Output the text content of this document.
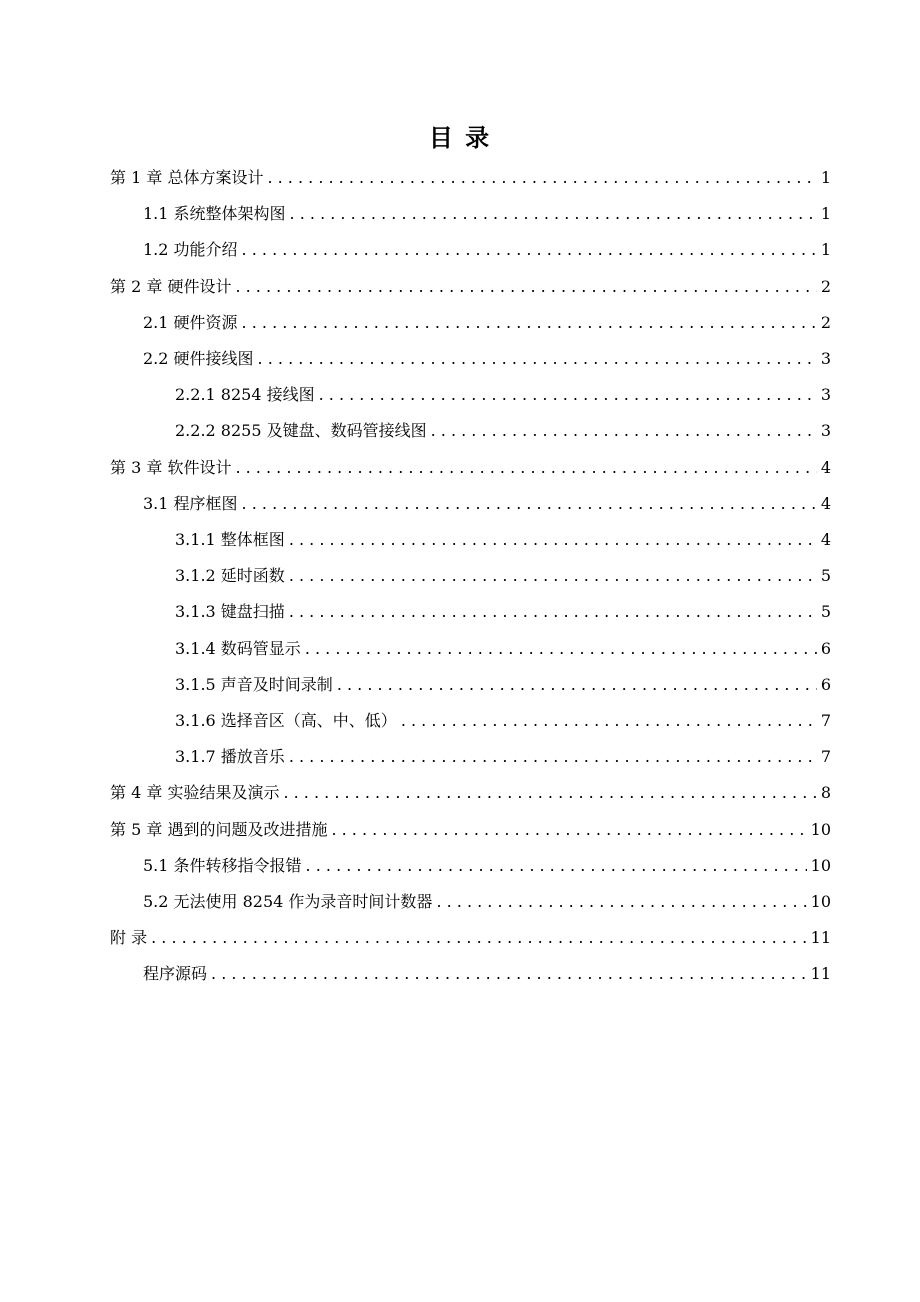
目 录
第 1 章 总体方案设计 . . .	1
1.1 系统整体架构图 . . .	1
1.2 功能介绍 . . .	1
第 2 章 硬件设计 . . .	2
2.1 硬件资源 . . .	2
2.2 硬件接线图 . . .	3
2.2.1 8254 接线图 . . .	3
2.2.2 8255 及键盘、数码管接线图 . . .	3
第 3 章 软件设计 . . .	4
3.1 程序框图 . . .	4
3.1.1 整体框图 . . .	4
3.1.2 延时函数 . . .	5
3.1.3 键盘扫描 . . .	5
3.1.4 数码管显示 . . .	6
3.1.5 声音及时间录制 . . .	6
3.1.6 选择音区（高、中、低） . . .	7
3.1.7 播放音乐 . . .	7
第 4 章 实验结果及演示 . . .	8
第 5 章 遇到的问题及改进措施 . . .	10
5.1 条件转移指令报错 . . .	10
5.2 无法使用 8254 作为录音时间计数器 . . .	10
附 录 . . .	11
程序源码 . . .	11
